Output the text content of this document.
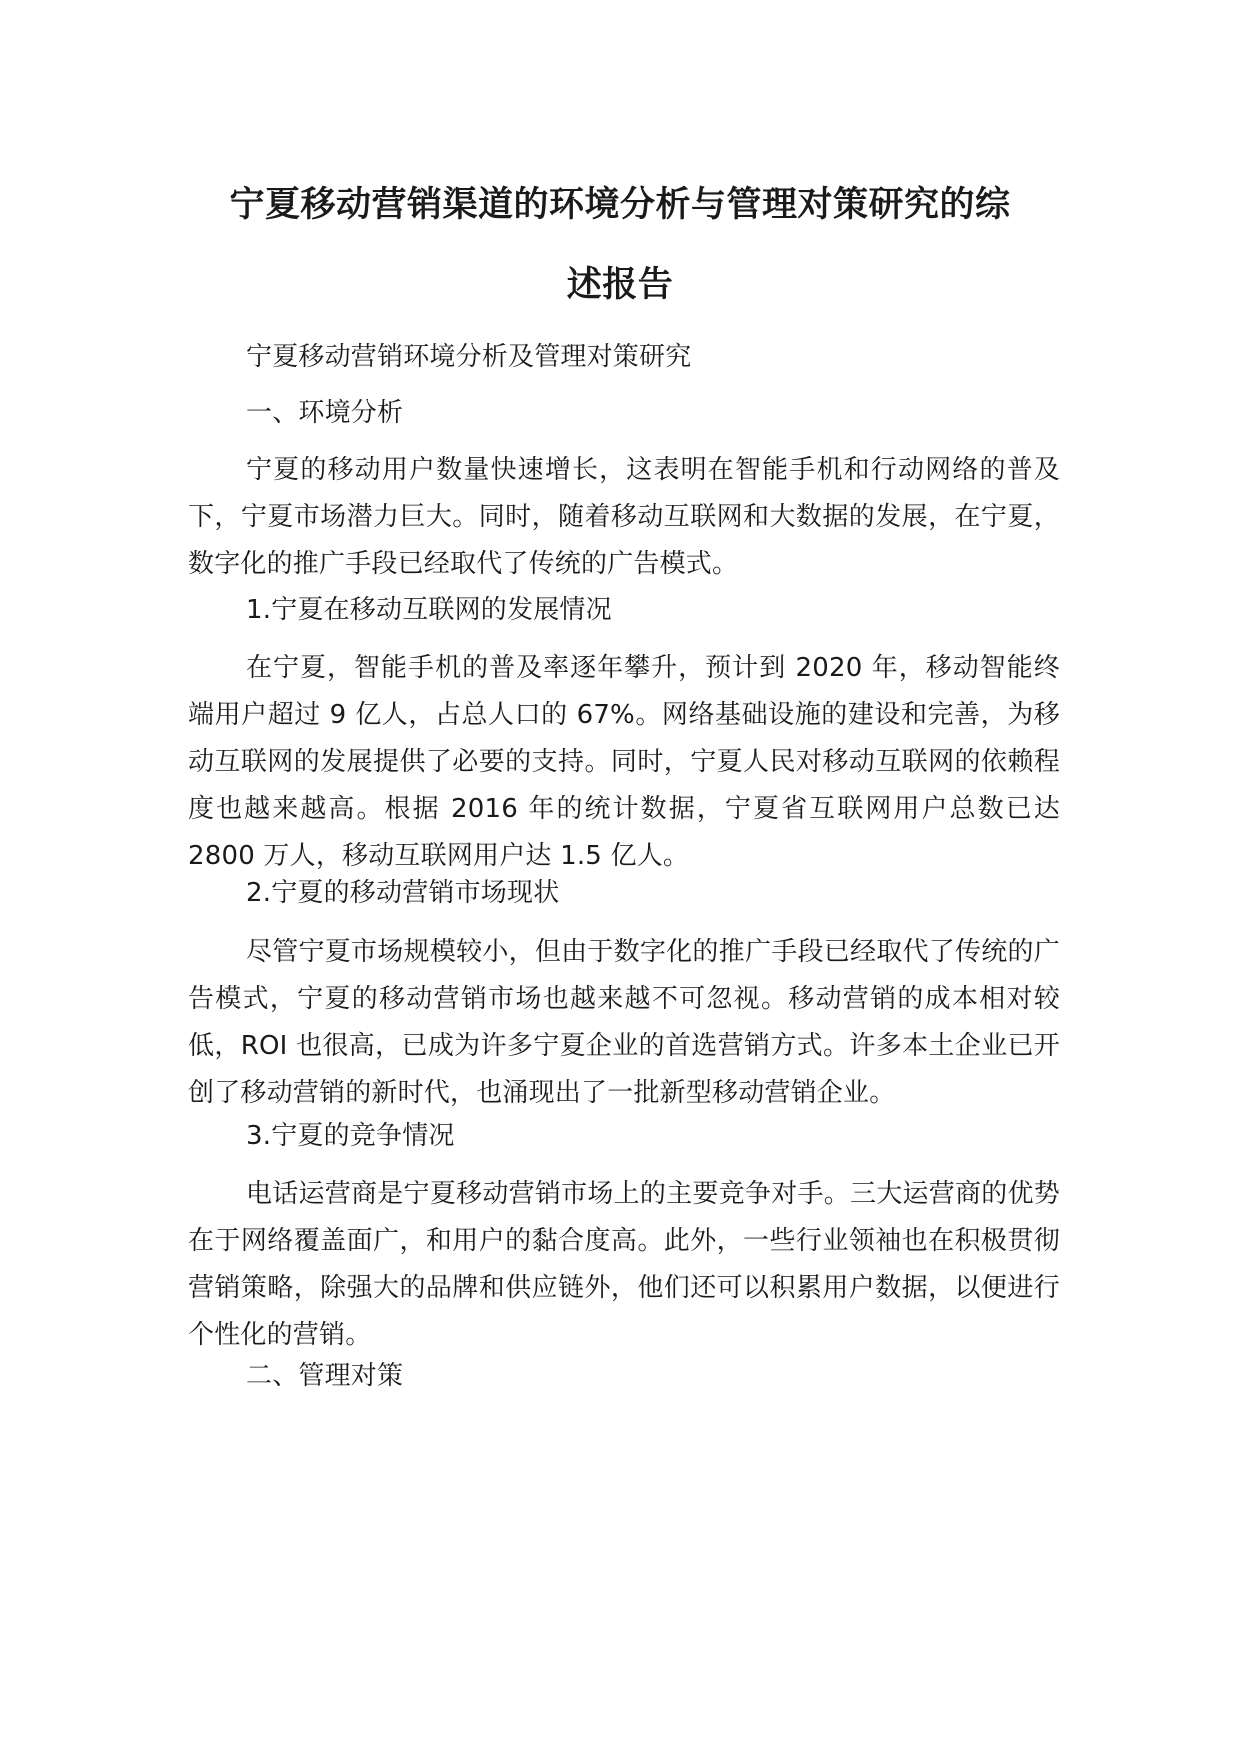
宁夏移动营销渠道的环境分析与管理对策研究的综
述报告

宁夏移动营销环境分析及管理对策研究

一、环境分析

宁夏的移动用户数量快速增长，这表明在智能手机和行动网络的普及下，宁夏市场潜力巨大。同时，随着移动互联网和大数据的发展，在宁夏，数字化的推广手段已经取代了传统的广告模式。

1.宁夏在移动互联网的发展情况

在宁夏，智能手机的普及率逐年攀升，预计到 2020 年，移动智能终端用户超过 9 亿人，占总人口的 67%。网络基础设施的建设和完善，为移动互联网的发展提供了必要的支持。同时，宁夏人民对移动互联网的依赖程度也越来越高。根据 2016 年的统计数据，宁夏省互联网用户总数已达 2800 万人，移动互联网用户达 1.5 亿人。

2.宁夏的移动营销市场现状

尽管宁夏市场规模较小，但由于数字化的推广手段已经取代了传统的广告模式，宁夏的移动营销市场也越来越不可忽视。移动营销的成本相对较低，ROI 也很高，已成为许多宁夏企业的首选营销方式。许多本土企业已开创了移动营销的新时代，也涌现出了一批新型移动营销企业。

3.宁夏的竞争情况

电话运营商是宁夏移动营销市场上的主要竞争对手。三大运营商的优势在于网络覆盖面广，和用户的黏合度高。此外，一些行业领袖也在积极贯彻营销策略，除强大的品牌和供应链外，他们还可以积累用户数据，以便进行个性化的营销。

二、管理对策
